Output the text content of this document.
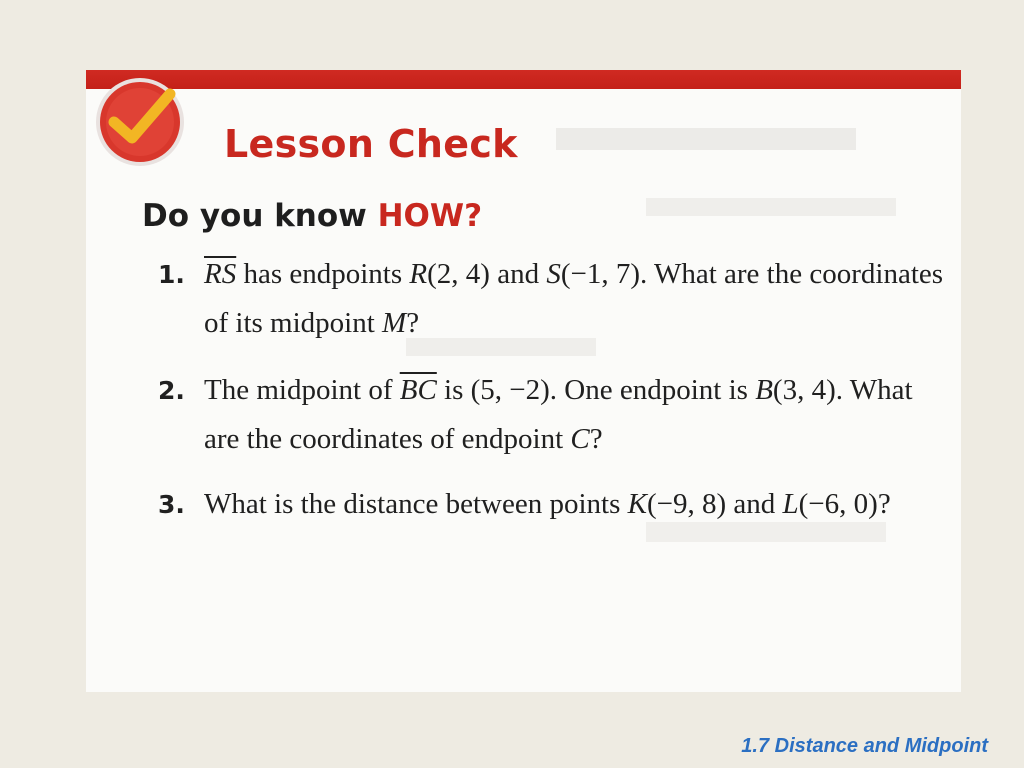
Lesson Check
Do you know HOW?
1. $\overline{RS}$ has endpoints R(2, 4) and S(−1, 7). What are the coordinates of its midpoint M?
2. The midpoint of $\overline{BC}$ is (5, −2). One endpoint is B(3, 4). What are the coordinates of endpoint C?
3. What is the distance between points K(−9, 8) and L(−6, 0)?
1.7 Distance and Midpoint
